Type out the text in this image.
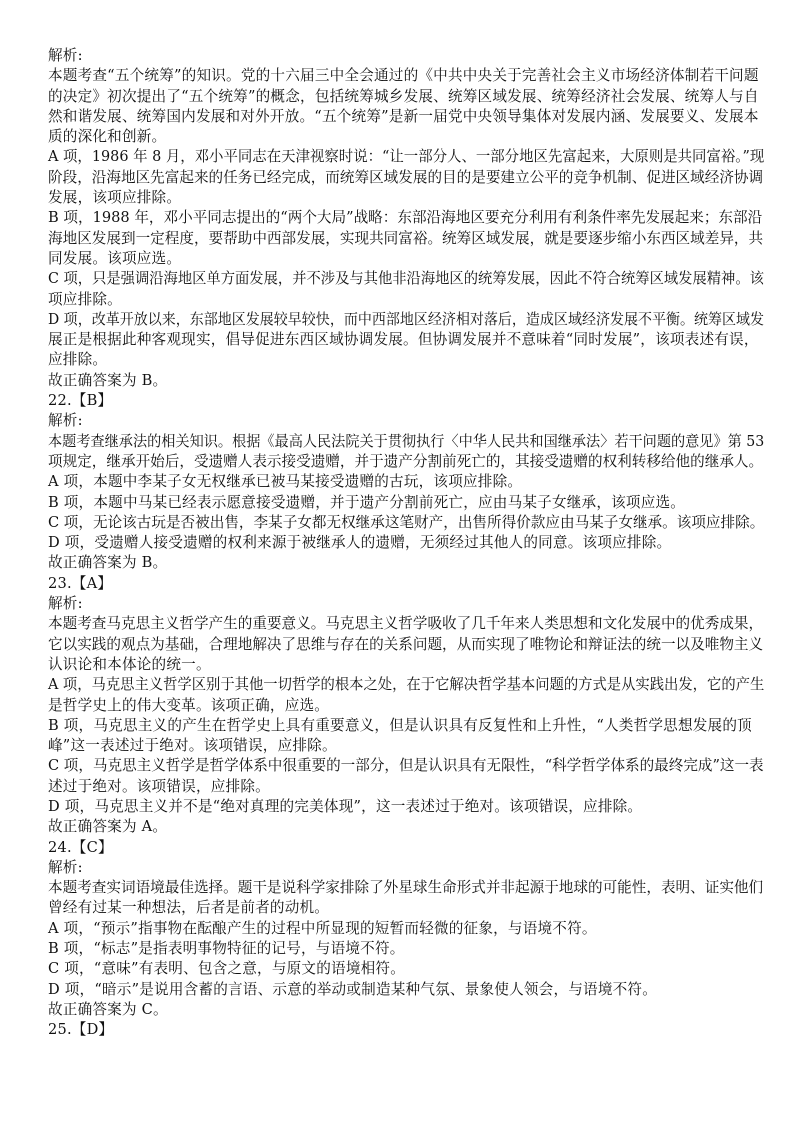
解析:
本题考查“五个统筹”的知识。党的十六届三中全会通过的《中共中央关于完善社会主义市场经济体制若干问题
的决定》初次提出了“五个统筹”的概念，包括统筹城乡发展、统筹区域发展、统筹经济社会发展、统筹人与自
然和谐发展、统筹国内发展和对外开放。“五个统筹”是新一届党中央领导集体对发展内涵、发展要义、发展本
质的深化和创新。
A 项，1986 年 8 月，邓小平同志在天津视察时说：“让一部分人、一部分地区先富起来，大原则是共同富裕。”现
阶段，沿海地区先富起来的任务已经完成，而统筹区域发展的目的是要建立公平的竞争机制、促进区域经济协调
发展，该项应排除。
B 项，1988 年，邓小平同志提出的“两个大局”战略：东部沿海地区要充分利用有利条件率先发展起来；东部沿
海地区发展到一定程度，要帮助中西部发展，实现共同富裕。统筹区域发展，就是要逐步缩小东西区域差异，共
同发展。该项应选。
C 项，只是强调沿海地区单方面发展，并不涉及与其他非沿海地区的统筹发展，因此不符合统筹区域发展精神。该
项应排除。
D 项，改革开放以来，东部地区发展较早较快，而中西部地区经济相对落后，造成区域经济发展不平衡。统筹区域发
展正是根据此种客观现实，倡导促进东西区域协调发展。但协调发展并不意味着“同时发展”，该项表述有误，
应排除。
故正确答案为 B。
22.【B】
解析:
本题考查继承法的相关知识。根据《最高人民法院关于贯彻执行〈中华人民共和国继承法〉若干问题的意见》第 53
项规定，继承开始后，受遗赠人表示接受遗赠，并于遗产分割前死亡的，其接受遗赠的权利转移给他的继承人。
A 项，本题中李某子女无权继承已被马某接受遗赠的古玩，该项应排除。
B 项，本题中马某已经表示愿意接受遗赠，并于遗产分割前死亡，应由马某子女继承，该项应选。
C 项，无论该古玩是否被出售，李某子女都无权继承这笔财产，出售所得价款应由马某子女继承。该项应排除。
D 项，受遗赠人接受遗赠的权利来源于被继承人的遗赠，无须经过其他人的同意。该项应排除。
故正确答案为 B。
23.【A】
解析:
本题考查马克思主义哲学产生的重要意义。马克思主义哲学吸收了几千年来人类思想和文化发展中的优秀成果，
它以实践的观点为基础，合理地解决了思维与存在的关系问题，从而实现了唯物论和辩证法的统一以及唯物主义
认识论和本体论的统一。
A 项，马克思主义哲学区别于其他一切哲学的根本之处，在于它解决哲学基本问题的方式是从实践出发，它的产生
是哲学史上的伟大变革。该项正确，应选。
B 项，马克思主义的产生在哲学史上具有重要意义，但是认识具有反复性和上升性，“人类哲学思想发展的顶
峰”这一表述过于绝对。该项错误，应排除。
C 项，马克思主义哲学是哲学体系中很重要的一部分，但是认识具有无限性，“科学哲学体系的最终完成”这一表
述过于绝对。该项错误，应排除。
D 项，马克思主义并不是“绝对真理的完美体现”，这一表述过于绝对。该项错误，应排除。
故正确答案为 A。
24.【C】
解析:
本题考查实词语境最佳选择。题干是说科学家排除了外星球生命形式并非起源于地球的可能性，表明、证实他们
曾经有过某一种想法，后者是前者的动机。
A 项，“预示”指事物在酝酿产生的过程中所显现的短暂而轻微的征象，与语境不符。
B 项，“标志”是指表明事物特征的记号，与语境不符。
C 项，“意味”有表明、包含之意，与原文的语境相符。
D 项，“暗示”是说用含蓄的言语、示意的举动或制造某种气氛、景象使人领会，与语境不符。
故正确答案为 C。
25.【D】
